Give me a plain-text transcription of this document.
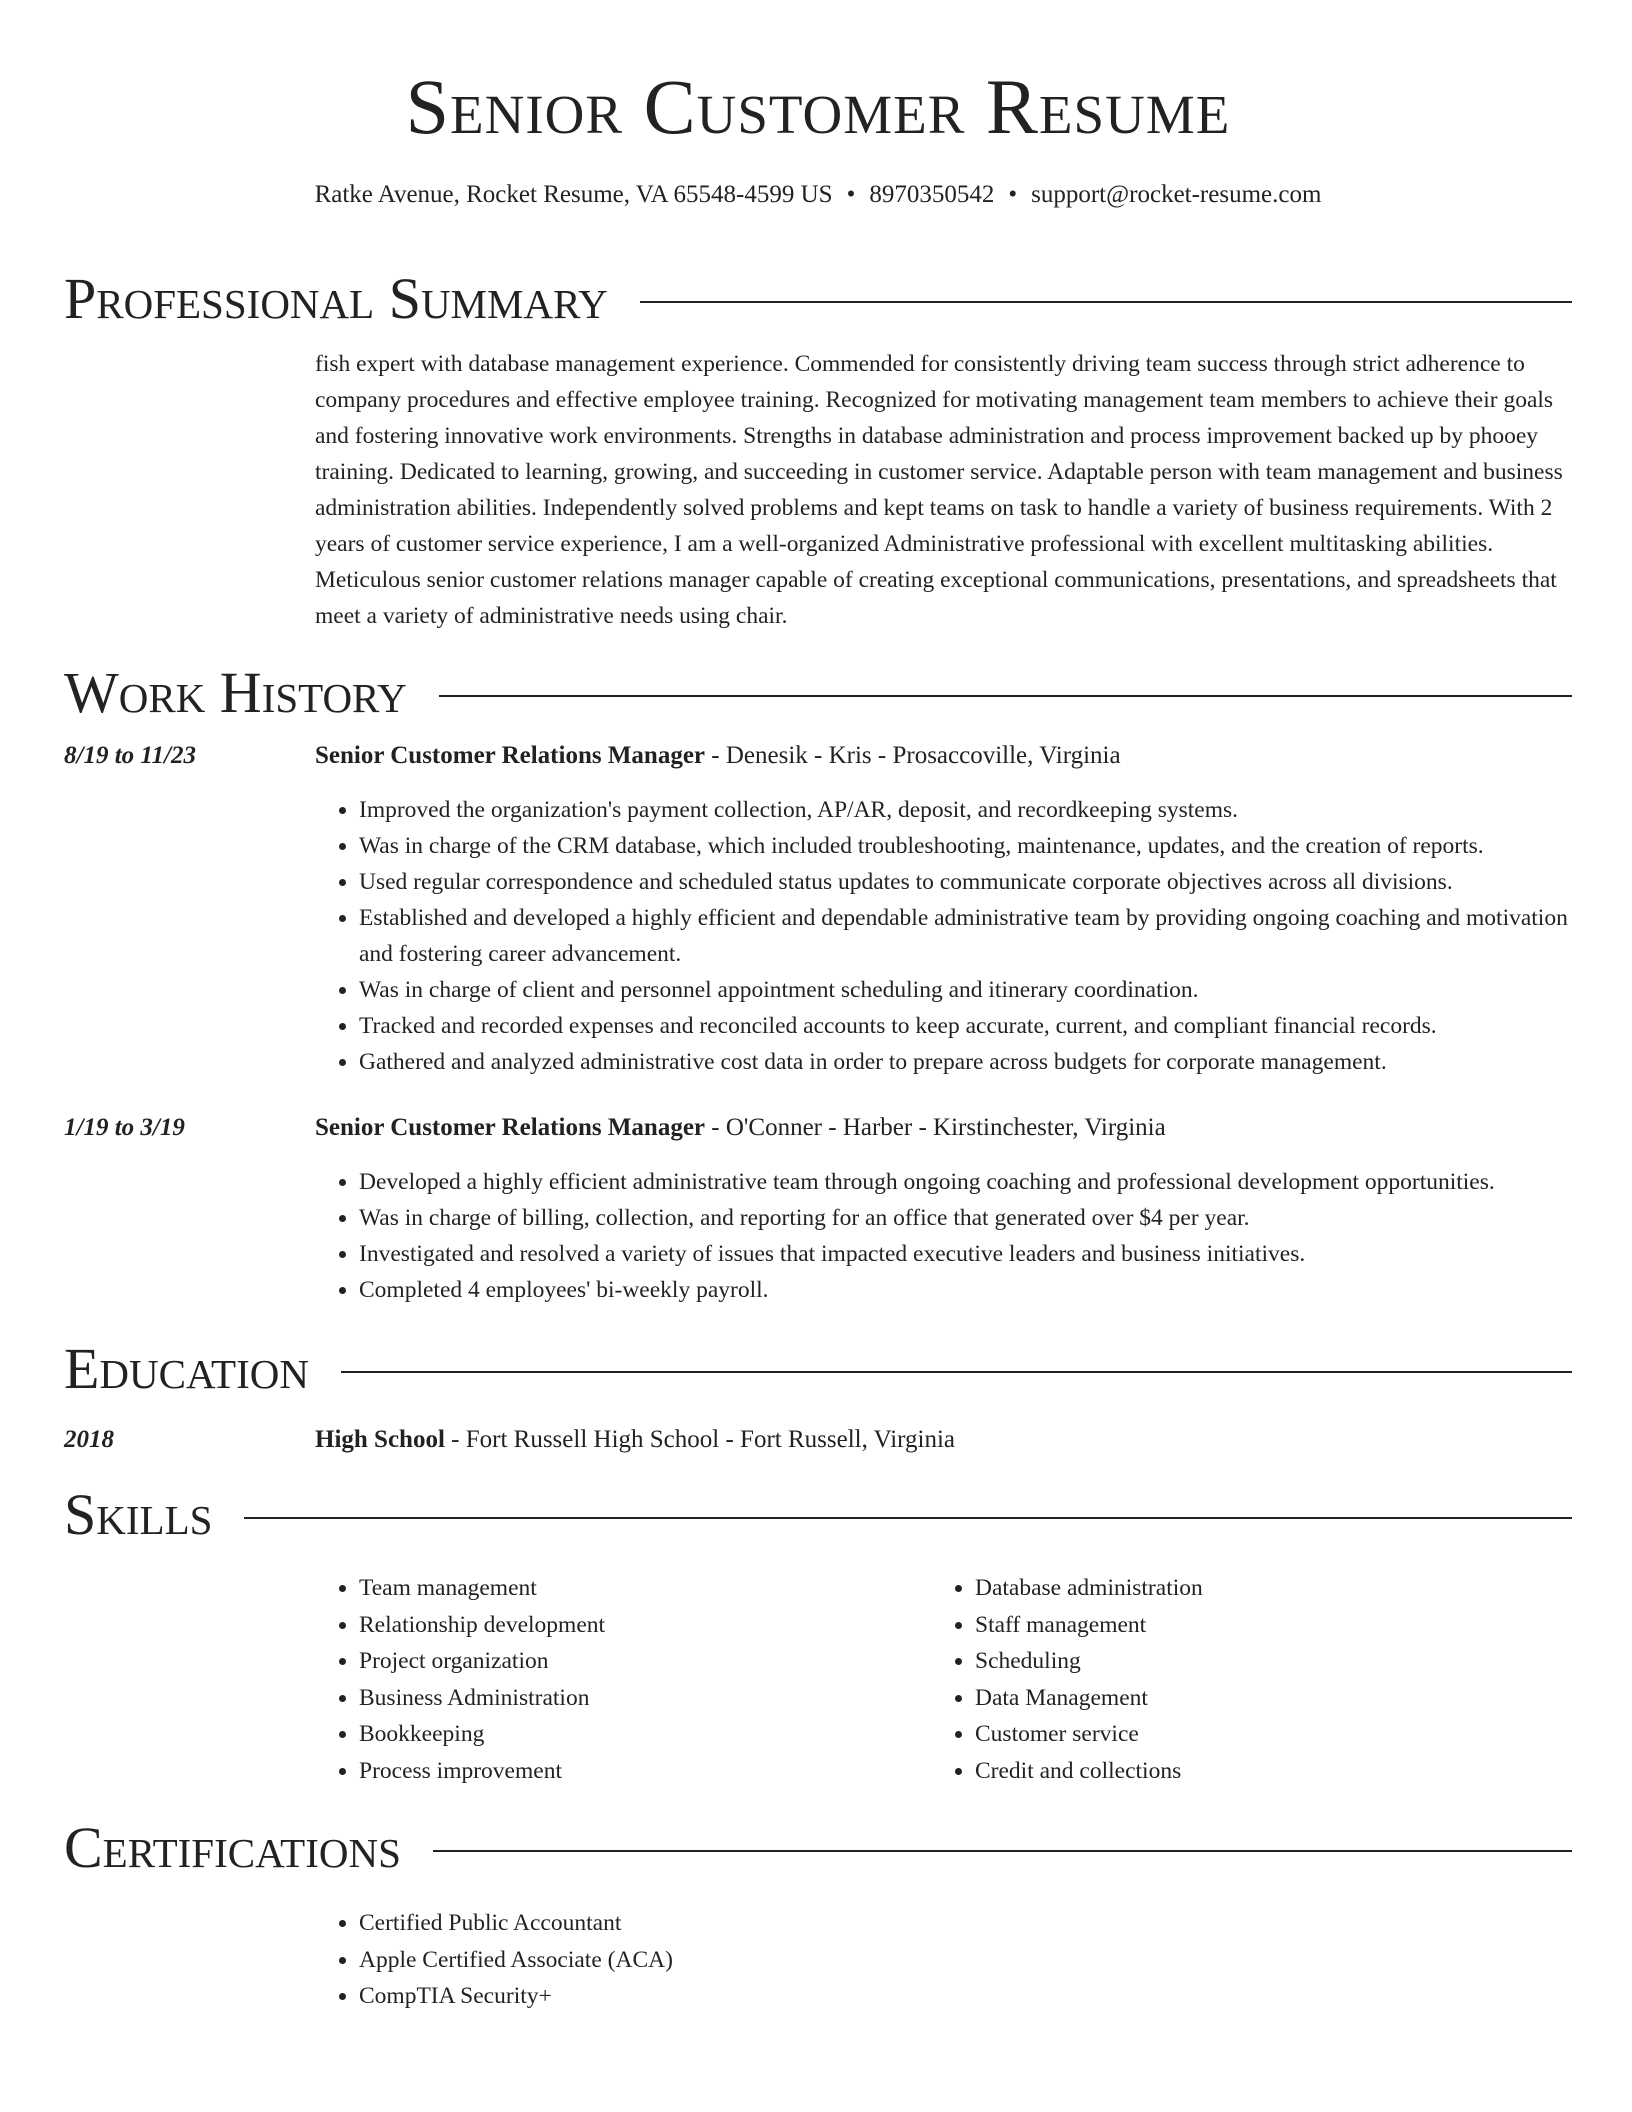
Senior Customer Resume
Ratke Avenue, Rocket Resume, VA 65548-4599 US • 8970350542 • support@rocket-resume.com
Professional Summary
fish expert with database management experience. Commended for consistently driving team success through strict adherence to company procedures and effective employee training. Recognized for motivating management team members to achieve their goals and fostering innovative work environments. Strengths in database administration and process improvement backed up by phooey training. Dedicated to learning, growing, and succeeding in customer service. Adaptable person with team management and business administration abilities. Independently solved problems and kept teams on task to handle a variety of business requirements. With 2 years of customer service experience, I am a well-organized Administrative professional with excellent multitasking abilities. Meticulous senior customer relations manager capable of creating exceptional communications, presentations, and spreadsheets that meet a variety of administrative needs using chair.
Work History
8/19 to 11/23	Senior Customer Relations Manager - Denesik - Kris - Prosaccoville, Virginia
• Improved the organization's payment collection, AP/AR, deposit, and recordkeeping systems.
• Was in charge of the CRM database, which included troubleshooting, maintenance, updates, and the creation of reports.
• Used regular correspondence and scheduled status updates to communicate corporate objectives across all divisions.
• Established and developed a highly efficient and dependable administrative team by providing ongoing coaching and motivation and fostering career advancement.
• Was in charge of client and personnel appointment scheduling and itinerary coordination.
• Tracked and recorded expenses and reconciled accounts to keep accurate, current, and compliant financial records.
• Gathered and analyzed administrative cost data in order to prepare across budgets for corporate management.
1/19 to 3/19	Senior Customer Relations Manager - O'Conner - Harber - Kirstinchester, Virginia
• Developed a highly efficient administrative team through ongoing coaching and professional development opportunities.
• Was in charge of billing, collection, and reporting for an office that generated over $4 per year.
• Investigated and resolved a variety of issues that impacted executive leaders and business initiatives.
• Completed 4 employees' bi-weekly payroll.
Education
2018	High School - Fort Russell High School - Fort Russell, Virginia
Skills
• Team management
• Relationship development
• Project organization
• Business Administration
• Bookkeeping
• Process improvement
• Database administration
• Staff management
• Scheduling
• Data Management
• Customer service
• Credit and collections
Certifications
• Certified Public Accountant
• Apple Certified Associate (ACA)
• CompTIA Security+
